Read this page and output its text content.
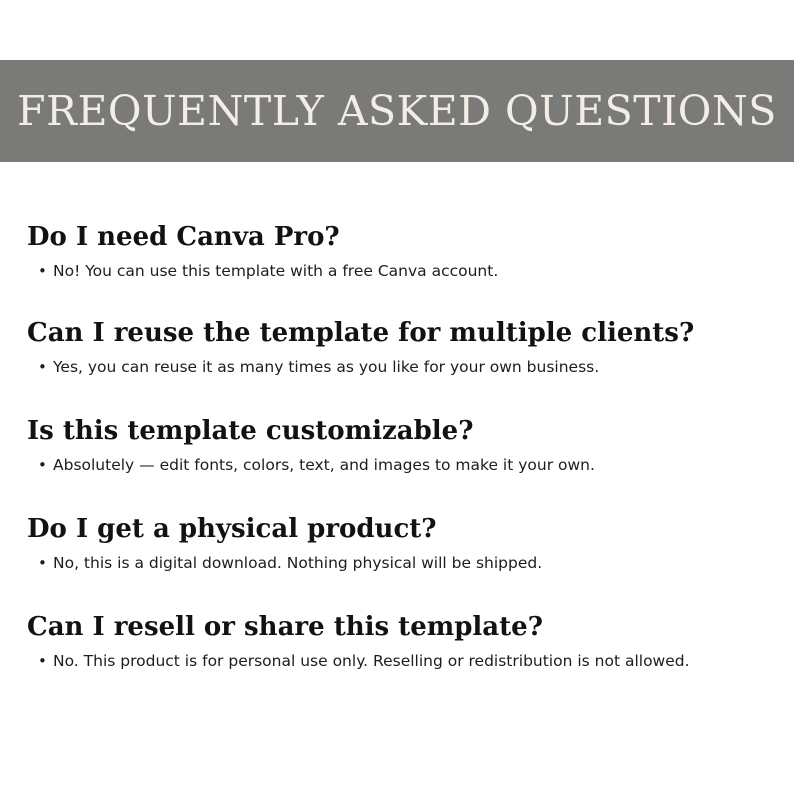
FREQUENTLY ASKED QUESTIONS
Do I need Canva Pro?
• No! You can use this template with a free Canva account.
Can I reuse the template for multiple clients?
• Yes, you can reuse it as many times as you like for your own business.
Is this template customizable?
• Absolutely — edit fonts, colors, text, and images to make it your own.
Do I get a physical product?
• No, this is a digital download. Nothing physical will be shipped.
Can I resell or share this template?
• No. This product is for personal use only. Reselling or redistribution is not allowed.
